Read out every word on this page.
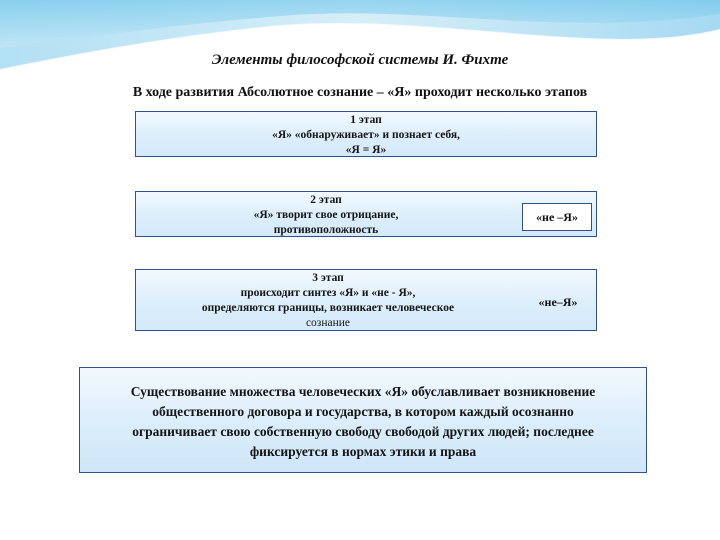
Элементы философской системы И. Фихте
В ходе развития Абсолютное сознание – «Я» проходит несколько этапов
1 этап
«Я» «обнаруживает» и познает себя,
«Я = Я»
2 этап
«Я» творит свое отрицание,
противоположность
«не –Я»
3 этап
происходит синтез «Я» и «не - Я»,
определяются границы, возникает человеческое
сознание
«не–Я»
Существование множества человеческих «Я» обуславливает возникновение
общественного договора и государства, в котором каждый осознанно
ограничивает свою собственную свободу свободой других людей; последнее
фиксируется в нормах этики и права
